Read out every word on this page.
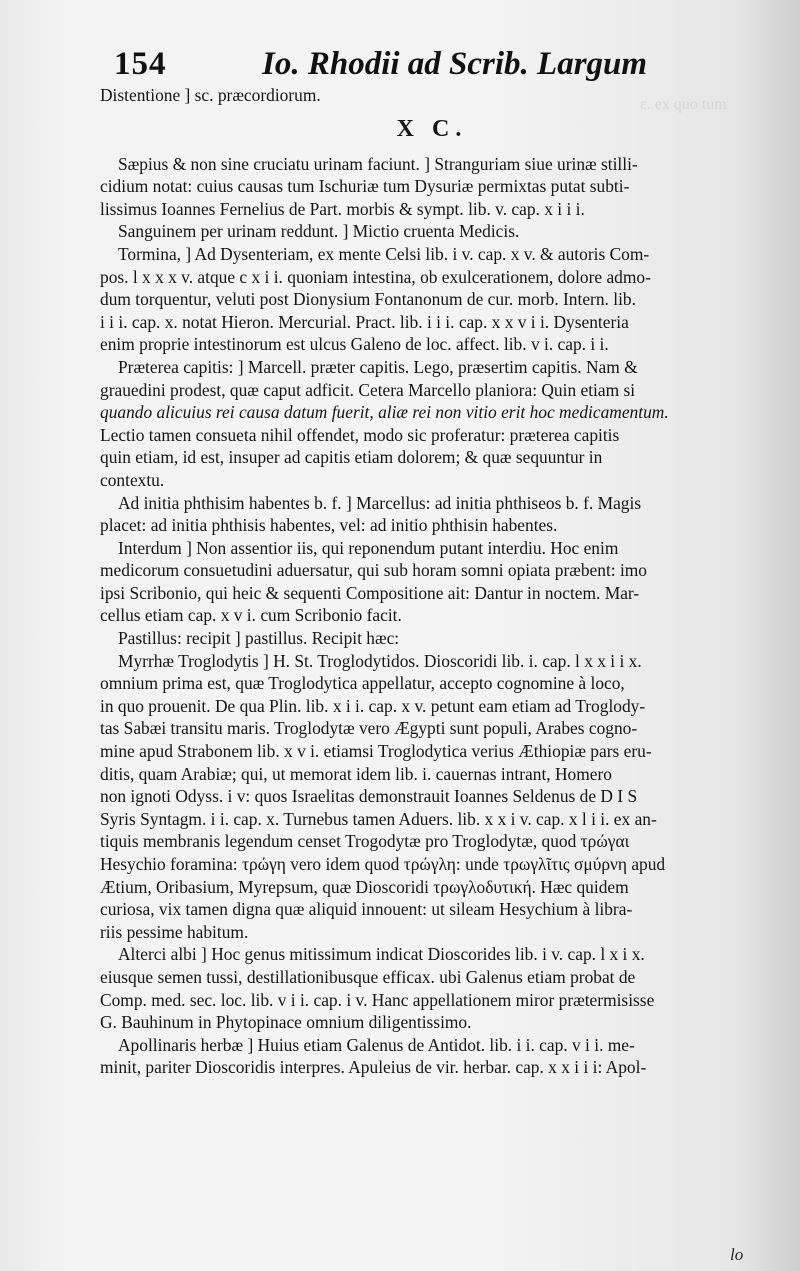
ε. ex quo tum
154	Io. Rhodii ad Scrib. Largum
Distentione ] sc. præcordiorum.
X C.
Sæpius & non sine cruciatu urinam faciunt. ] Stranguriam siue urinæ stilli-
cidium notat: cuius causas tum Ischuriæ tum Dysuriæ permixtas putat subti-
lissimus Ioannes Fernelius de Part. morbis & sympt. lib. v. cap. x i i i.
Sanguinem per urinam reddunt. ] Mictio cruenta Medicis.
Tormina, ] Ad Dysenteriam, ex mente Celsi lib. i v. cap. x v. & autoris Com-
pos. l x x x v. atque c x i i. quoniam intestina, ob exulcerationem, dolore admo-
dum torquentur, veluti post Dionysium Fontanonum de cur. morb. Intern. lib.
i i i. cap. x. notat Hieron. Mercurial. Pract. lib. i i i. cap. x x v i i. Dysenteria
enim proprie intestinorum est ulcus Galeno de loc. affect. lib. v i. cap. i i.
Præterea capitis: ] Marcell. præter capitis. Lego, præsertim capitis. Nam &
grauedini prodest, quæ caput adficit. Cetera Marcello planiora: Quin etiam si
quando alicuius rei causa datum fuerit, aliæ rei non vitio erit hoc medicamentum.
Lectio tamen consueta nihil offendet, modo sic proferatur: præterea capitis
quin etiam, id est, insuper ad capitis etiam dolorem; & quæ sequuntur in
contextu.
Ad initia phthisim habentes b. f. ] Marcellus: ad initia phthiseos b. f. Magis
placet: ad initia phthisis habentes, vel: ad initio phthisin habentes.
Interdum ] Non assentior iis, qui reponendum putant interdiu. Hoc enim
medicorum consuetudini aduersatur, qui sub horam somni opiata præbent: imo
ipsi Scribonio, qui heic & sequenti Compositione ait: Dantur in noctem. Mar-
cellus etiam cap. x v i. cum Scribonio facit.
Pastillus: recipit ] pastillus. Recipit hæc:
Myrrhæ Troglodytis ] H. St. Troglodytidos. Dioscoridi lib. i. cap. l x x i i x.
omnium prima est, quæ Troglodytica appellatur, accepto cognomine à loco,
in quo prouenit. De qua Plin. lib. x i i. cap. x v. petunt eam etiam ad Troglody-
tas Sabæi transitu maris. Troglodytæ vero Ægypti sunt populi, Arabes cogno-
mine apud Strabonem lib. x v i. etiamsi Troglodytica verius Æthiopiæ pars eru-
ditis, quam Arabiæ; qui, ut memorat idem lib. i. cauernas intrant, Homero
non ignoti Odyss. i v: quos Israelitas demonstrauit Ioannes Seldenus de D I S
Syris Syntagm. i i. cap. x. Turnebus tamen Aduers. lib. x x i v. cap. x l i i. ex an-
tiquis membranis legendum censet Trogodytæ pro Troglodytæ, quod τρώγαι
Hesychio foramina: τρώγη vero idem quod τρώγλη: unde τρωγλῖτις σμύρνη apud
Ætium, Oribasium, Myrepsum, quæ Dioscoridi τρωγλοδυτική. Hæc quidem
curiosa, vix tamen digna quæ aliquid innouent: ut sileam Hesychium à libra-
riis pessime habitum.
Alterci albi ] Hoc genus mitissimum indicat Dioscorides lib. i v. cap. l x i x.
eiusque semen tussi, destillationibusque efficax. ubi Galenus etiam probat de
Comp. med. sec. loc. lib. v i i. cap. i v. Hanc appellationem miror prætermisisse
G. Bauhinum in Phytopinace omnium diligentissimo.
Apollinaris herbæ ] Huius etiam Galenus de Antidot. lib. i i. cap. v i i. me-
minit, pariter Dioscoridis interpres. Apuleius de vir. herbar. cap. x x i i i: Apol-
lo
